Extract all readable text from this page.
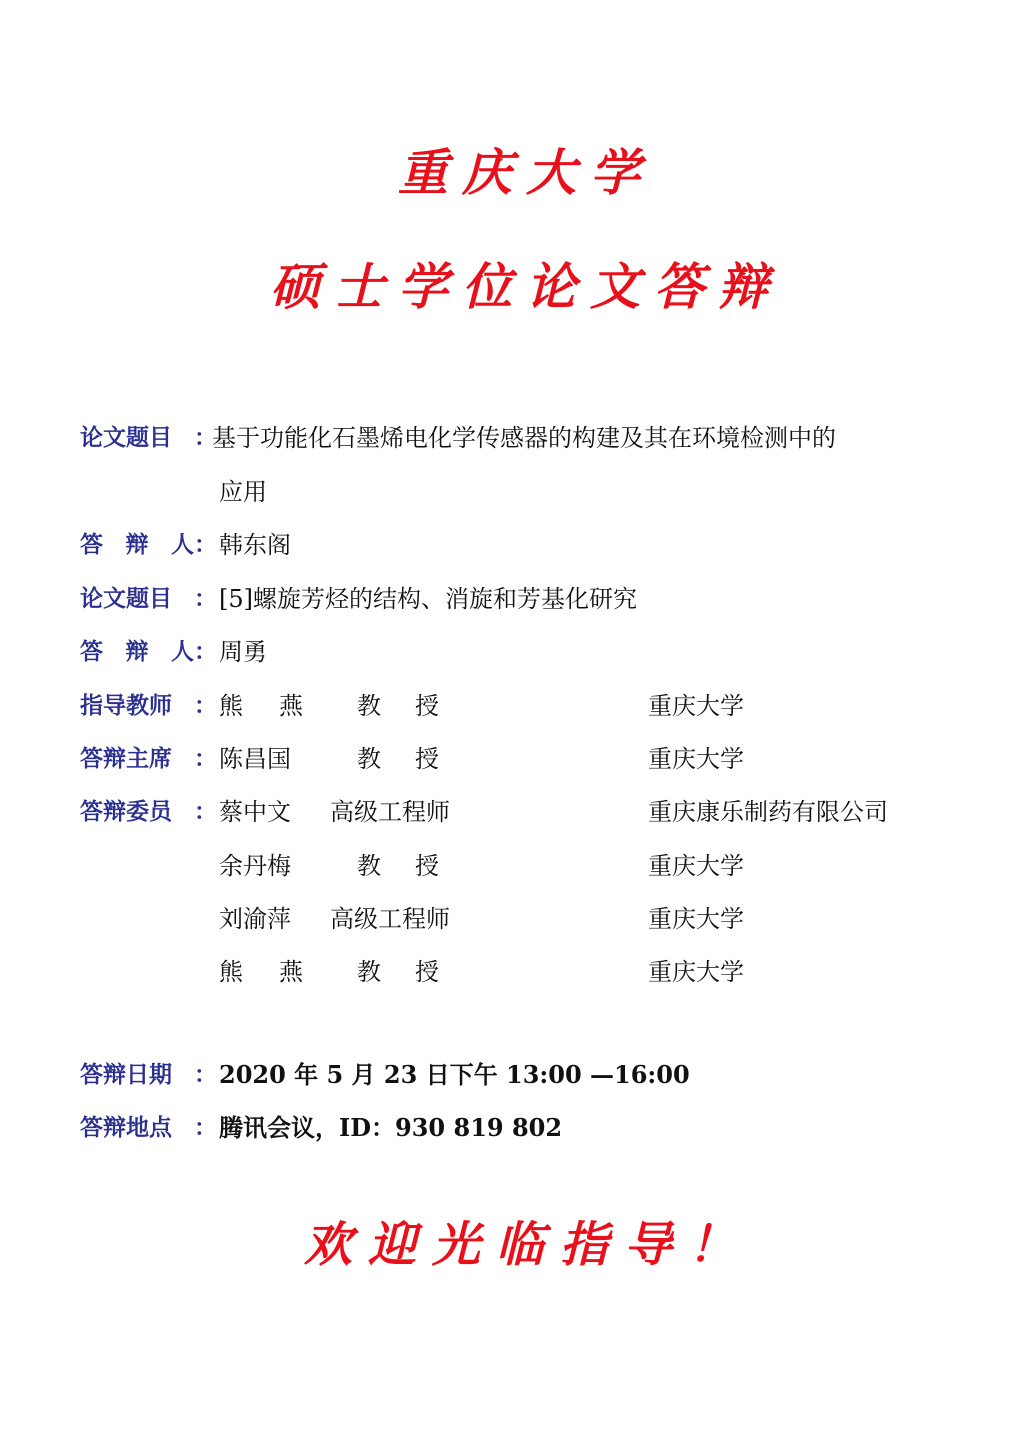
重庆大学
硕士学位论文答辩
论文题目 ：
基于功能化石墨烯电化学传感器的构建及其在环境检测中的
应用
答 辩 人 ： 韩东阁
论文题目 ： [5]螺旋芳烃的结构、消旋和芳基化研究
答 辩 人 ： 周勇
指导教师 ： 熊 燕 教 授	重庆大学
答辩主席 ： 陈昌国	教 授	重庆大学
答辩委员 ： 蔡中文 高级工程师	重庆康乐制药有限公司
余丹梅	教 授	重庆大学
刘渝萍 高级工程师	重庆大学
熊 燕 教 授	重庆大学
答辩日期 ： 2020 年 5 月 23 日下午 13:00 —16:00
答辩地点 ： 腾讯会议，ID：930 819 802
欢迎光临指导！
